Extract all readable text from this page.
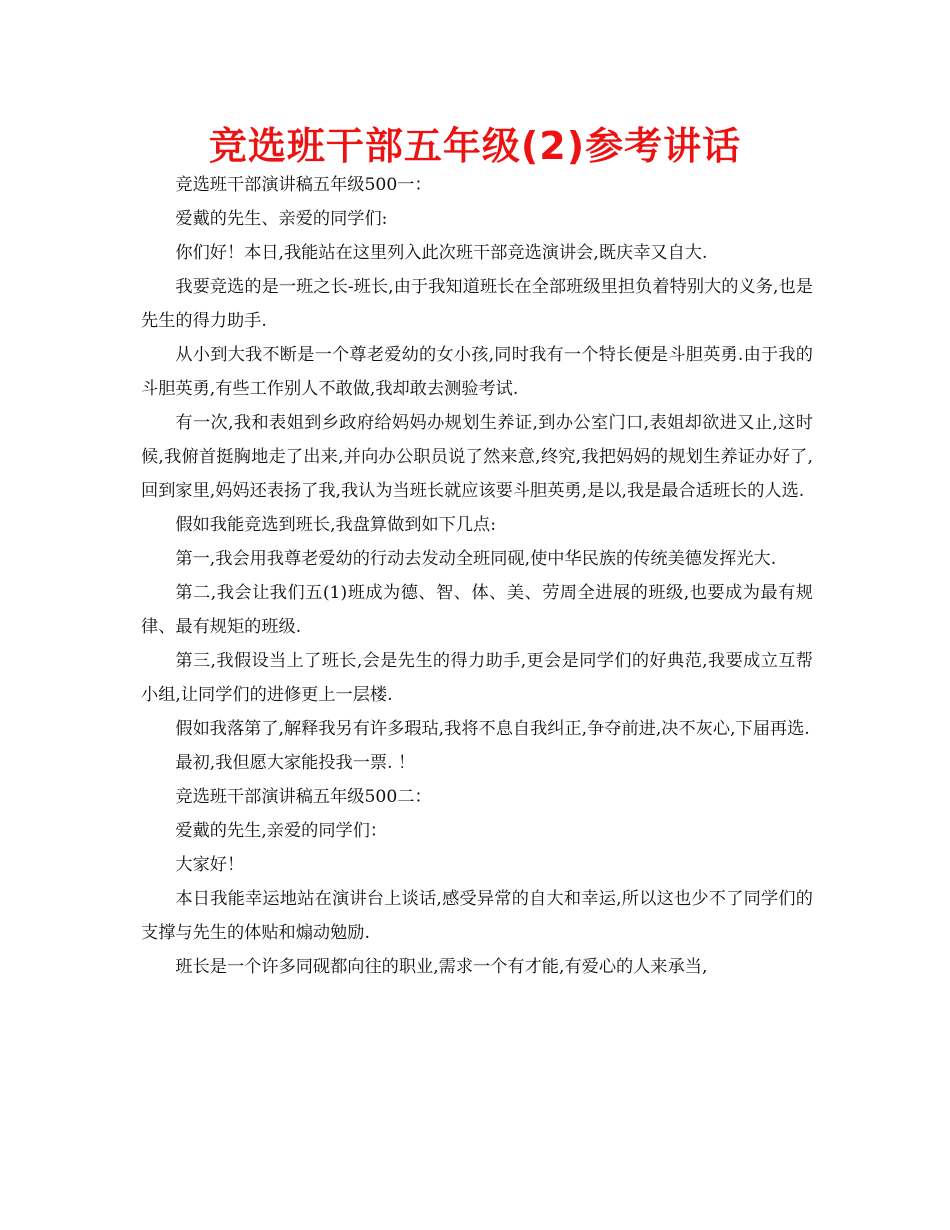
竞选班干部五年级(2)参考讲话

竞选班干部演讲稿五年级500一：

爱戴的先生、亲爱的同学们:

你们好！本日,我能站在这里列入此次班干部竞选演讲会,既庆幸又自大.

我要竞选的是一班之长-班长,由于我知道班长在全部班级里担负着特别大的义务,也是先生的得力助手.

从小到大我不断是一个尊老爱幼的女小孩,同时我有一个特长便是斗胆英勇.由于我的斗胆英勇,有些工作别人不敢做,我却敢去测验考试.

有一次,我和表姐到乡政府给妈妈办规划生养证,到办公室门口,表姐却欲进又止,这时候,我俯首挺胸地走了出来,并向办公职员说了然来意,终究,我把妈妈的规划生养证办好了,回到家里,妈妈还表扬了我,我认为当班长就应该要斗胆英勇,是以,我是最合适班长的人选.

假如我能竞选到班长,我盘算做到如下几点:

第一,我会用我尊老爱幼的行动去发动全班同砚,使中华民族的传统美德发挥光大.

第二,我会让我们五(1)班成为德、智、体、美、劳周全进展的班级,也要成为最有规律、最有规矩的班级.

第三,我假设当上了班长,会是先生的得力助手,更会是同学们的好典范,我要成立互帮小组,让同学们的进修更上一层楼.

假如我落第了,解释我另有许多瑕玷,我将不息自我纠正,争夺前进,决不灰心,下届再选.

最初,我但愿大家能投我一票. ！

竞选班干部演讲稿五年级500二：

爱戴的先生,亲爱的同学们：

大家好！

本日我能幸运地站在演讲台上谈话,感受异常的自大和幸运,所以这也少不了同学们的支撑与先生的体贴和煽动勉励.

班长是一个许多同砚都向往的职业,需求一个有才能,有爱心的人来承当,
